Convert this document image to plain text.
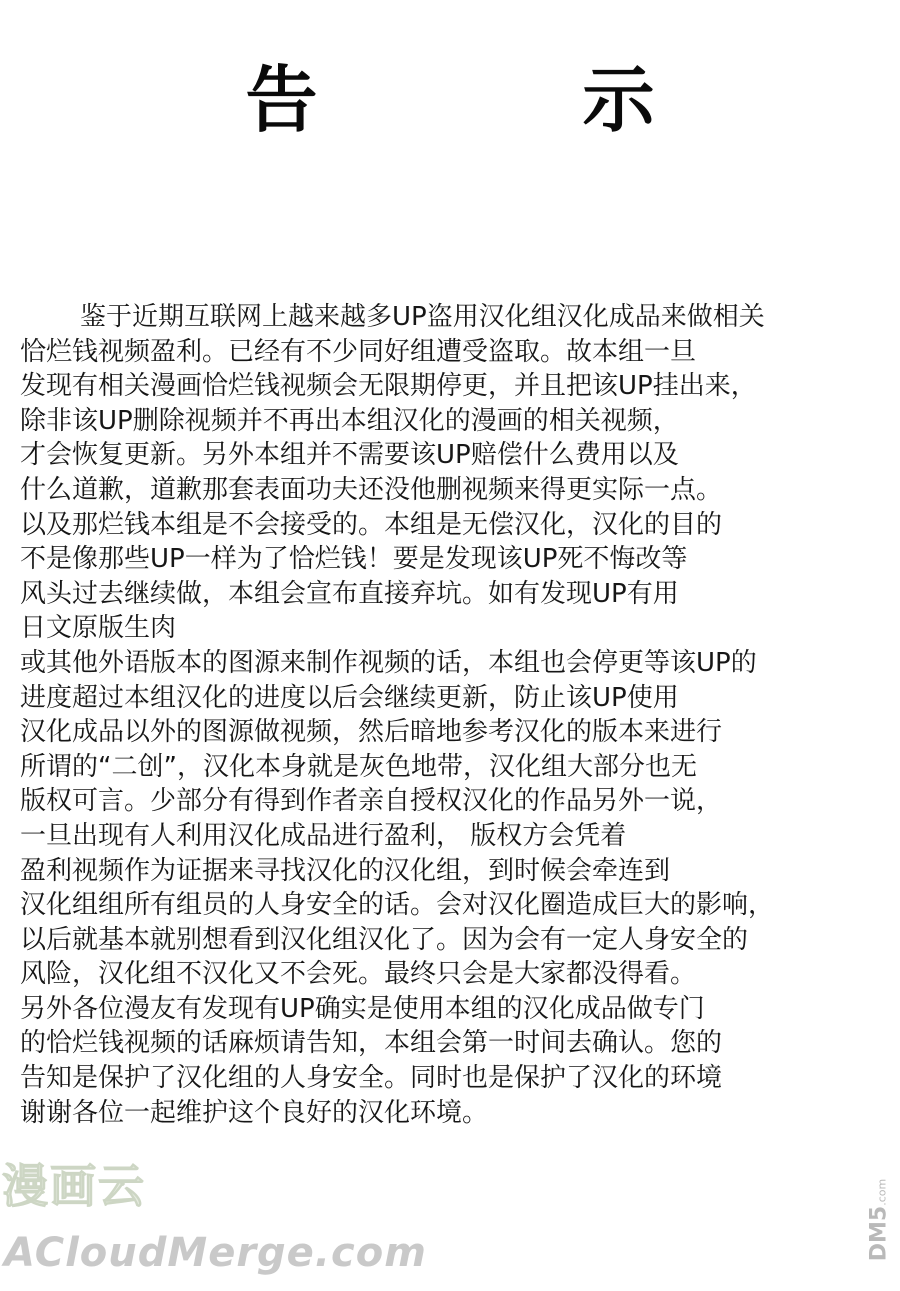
告 示
鉴于近期互联网上越来越多UP盗用汉化组汉化成品来做相关
恰烂钱视频盈利。已经有不少同好组遭受盗取。故本组一旦
发现有相关漫画恰烂钱视频会无限期停更，并且把该UP挂出来，
除非该UP删除视频并不再出本组汉化的漫画的相关视频，
才会恢复更新。另外本组并不需要该UP赔偿什么费用以及
什么道歉，道歉那套表面功夫还没他删视频来得更实际一点。
以及那烂钱本组是不会接受的。本组是无偿汉化，汉化的目的
不是像那些UP一样为了恰烂钱！要是发现该UP死不悔改等
风头过去继续做，本组会宣布直接弃坑。如有发现UP有用
日文原版生肉
或其他外语版本的图源来制作视频的话，本组也会停更等该UP的
进度超过本组汉化的进度以后会继续更新，防止该UP使用
汉化成品以外的图源做视频，然后暗地参考汉化的版本来进行
所谓的“二创”，汉化本身就是灰色地带，汉化组大部分也无
版权可言。少部分有得到作者亲自授权汉化的作品另外一说，
一旦出现有人利用汉化成品进行盈利， 版权方会凭着
盈利视频作为证据来寻找汉化的汉化组，到时候会牵连到
汉化组组所有组员的人身安全的话。会对汉化圈造成巨大的影响，
以后就基本就别想看到汉化组汉化了。因为会有一定人身安全的
风险，汉化组不汉化又不会死。最终只会是大家都没得看。
另外各位漫友有发现有UP确实是使用本组的汉化成品做专门
的恰烂钱视频的话麻烦请告知，本组会第一时间去确认。您的
告知是保护了汉化组的人身安全。同时也是保护了汉化的环境
谢谢各位一起维护这个良好的汉化环境。
漫画云
ACloudMerge.com	DM5.com
